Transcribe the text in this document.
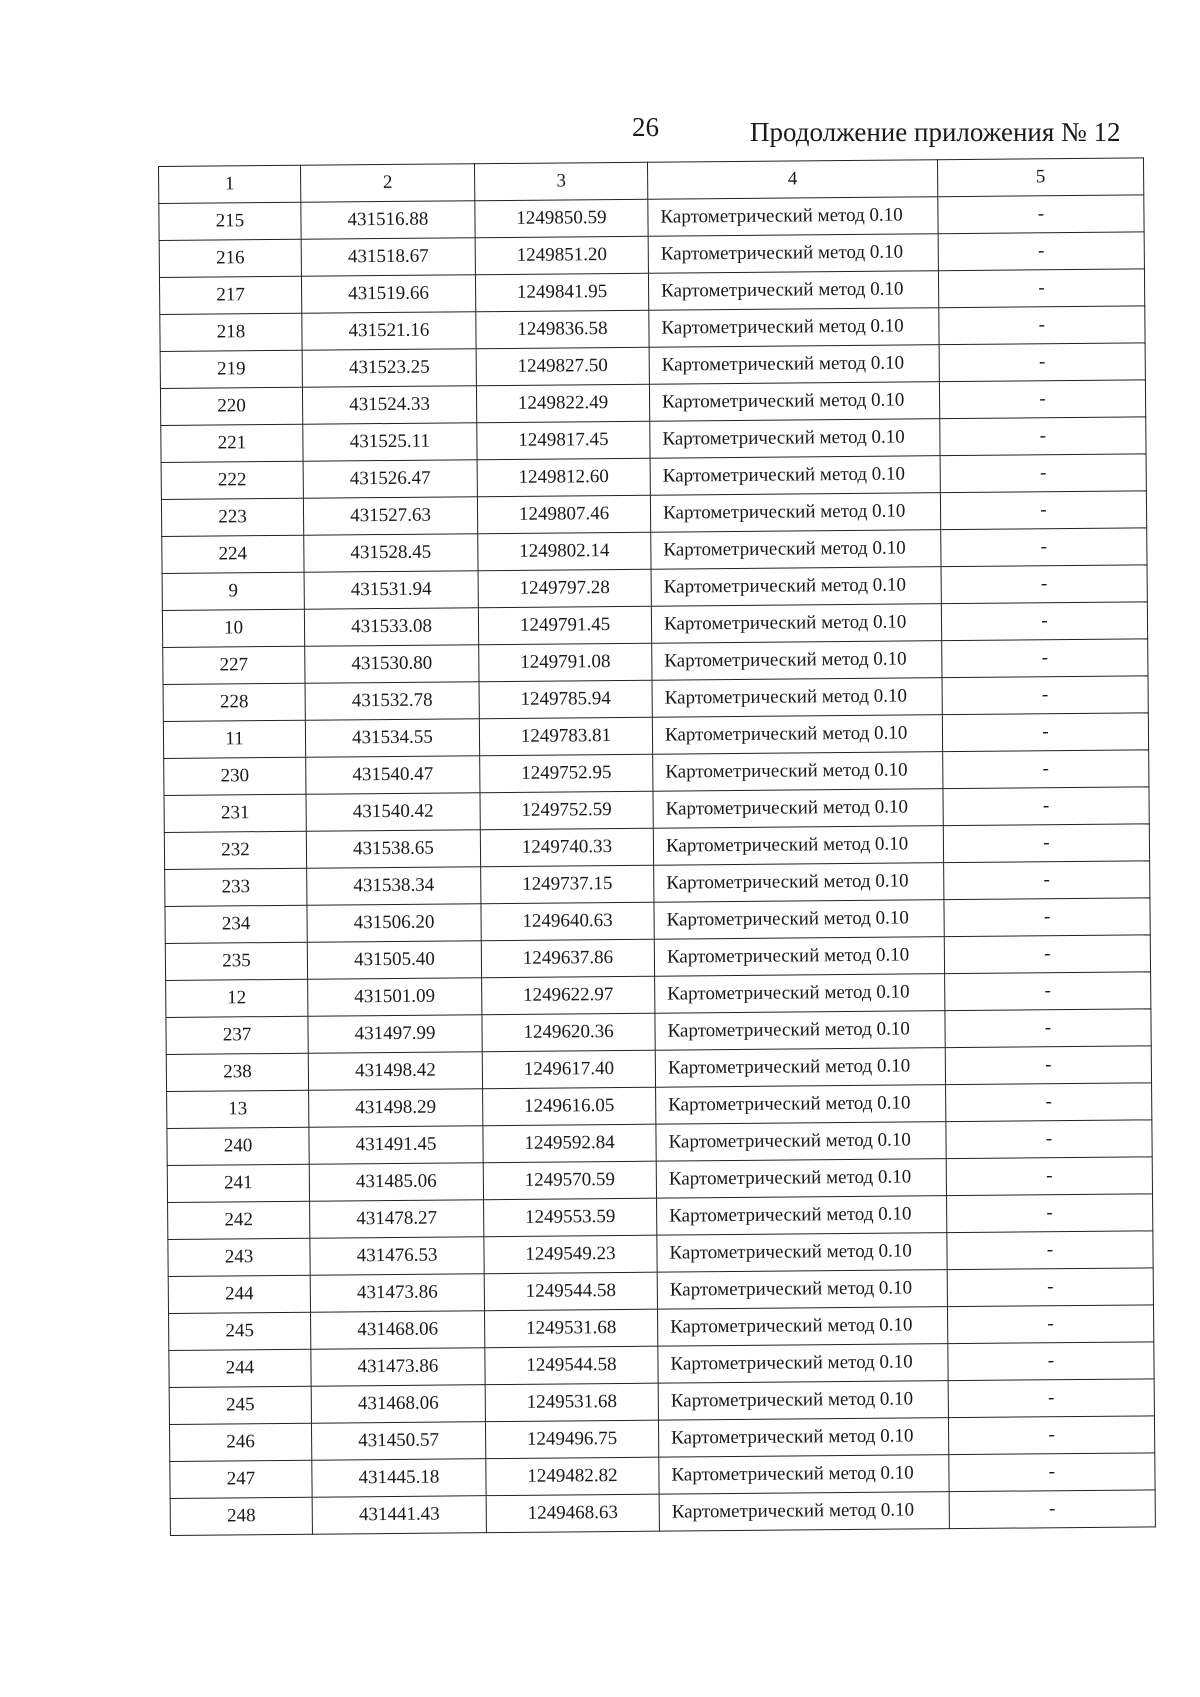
26	Продолжение приложения № 12
1	2	3	4	5
215	431516.88	1249850.59	Картометрический метод 0.10	-
216	431518.67	1249851.20	Картометрический метод 0.10	-
217	431519.66	1249841.95	Картометрический метод 0.10	-
218	431521.16	1249836.58	Картометрический метод 0.10	-
219	431523.25	1249827.50	Картометрический метод 0.10	-
220	431524.33	1249822.49	Картометрический метод 0.10	-
221	431525.11	1249817.45	Картометрический метод 0.10	-
222	431526.47	1249812.60	Картометрический метод 0.10	-
223	431527.63	1249807.46	Картометрический метод 0.10	-
224	431528.45	1249802.14	Картометрический метод 0.10	-
9	431531.94	1249797.28	Картометрический метод 0.10	-
10	431533.08	1249791.45	Картометрический метод 0.10	-
227	431530.80	1249791.08	Картометрический метод 0.10	-
228	431532.78	1249785.94	Картометрический метод 0.10	-
11	431534.55	1249783.81	Картометрический метод 0.10	-
230	431540.47	1249752.95	Картометрический метод 0.10	-
231	431540.42	1249752.59	Картометрический метод 0.10	-
232	431538.65	1249740.33	Картометрический метод 0.10	-
233	431538.34	1249737.15	Картометрический метод 0.10	-
234	431506.20	1249640.63	Картометрический метод 0.10	-
235	431505.40	1249637.86	Картометрический метод 0.10	-
12	431501.09	1249622.97	Картометрический метод 0.10	-
237	431497.99	1249620.36	Картометрический метод 0.10	-
238	431498.42	1249617.40	Картометрический метод 0.10	-
13	431498.29	1249616.05	Картометрический метод 0.10	-
240	431491.45	1249592.84	Картометрический метод 0.10	-
241	431485.06	1249570.59	Картометрический метод 0.10	-
242	431478.27	1249553.59	Картометрический метод 0.10	-
243	431476.53	1249549.23	Картометрический метод 0.10	-
244	431473.86	1249544.58	Картометрический метод 0.10	-
245	431468.06	1249531.68	Картометрический метод 0.10	-
244	431473.86	1249544.58	Картометрический метод 0.10	-
245	431468.06	1249531.68	Картометрический метод 0.10	-
246	431450.57	1249496.75	Картометрический метод 0.10	-
247	431445.18	1249482.82	Картометрический метод 0.10	-
248	431441.43	1249468.63	Картометрический метод 0.10	-
